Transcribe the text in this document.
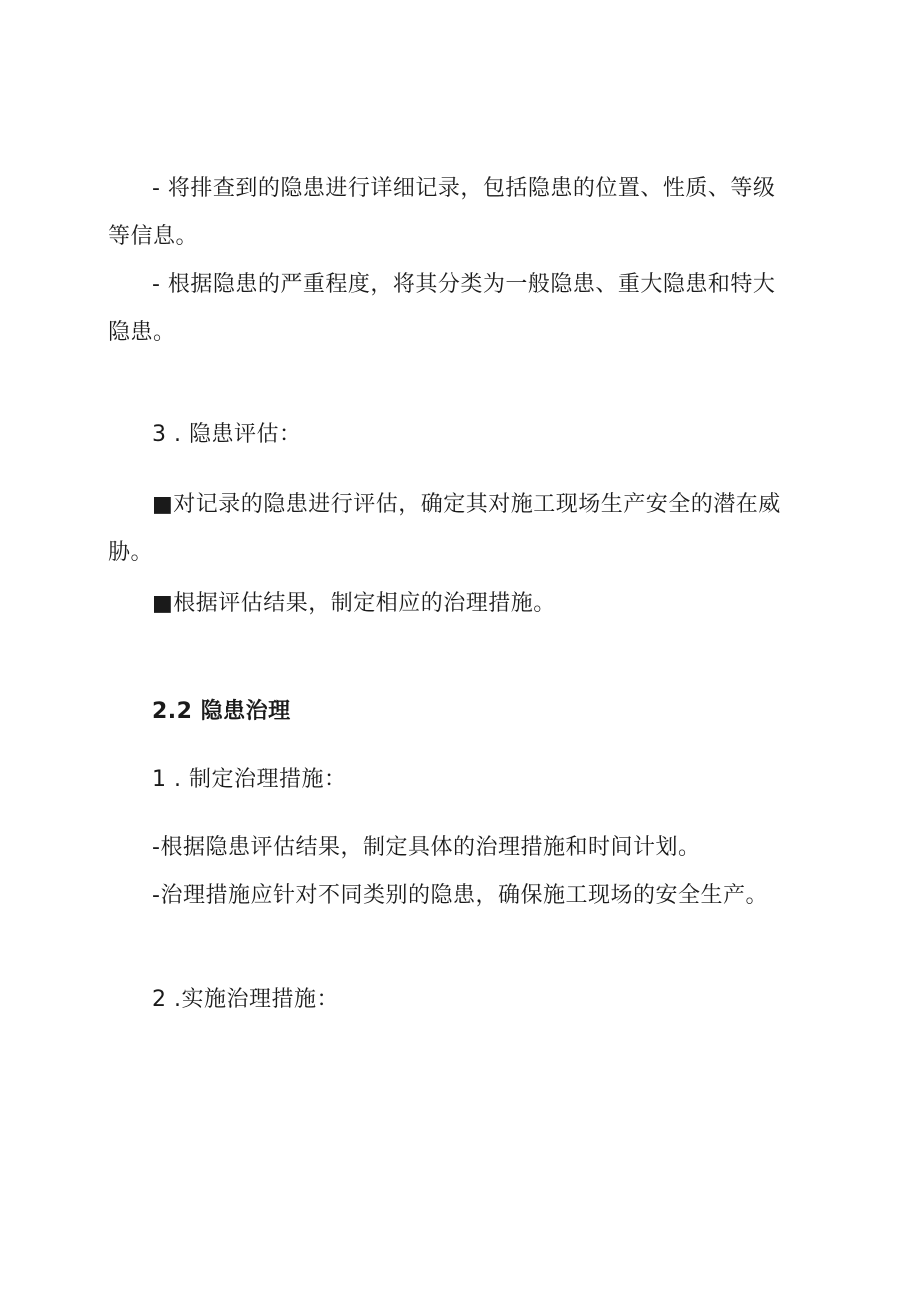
- 将排查到的隐患进行详细记录，包括隐患的位置、性质、等级
等信息。
- 根据隐患的严重程度，将其分类为一般隐患、重大隐患和特大
隐患。
3 . 隐患评估：
■对记录的隐患进行评估，确定其对施工现场生产安全的潜在威
胁。
■根据评估结果，制定相应的治理措施。
2.2 隐患治理
1 . 制定治理措施：
-根据隐患评估结果，制定具体的治理措施和时间计划。
-治理措施应针对不同类别的隐患，确保施工现场的安全生产。
2 .实施治理措施：
